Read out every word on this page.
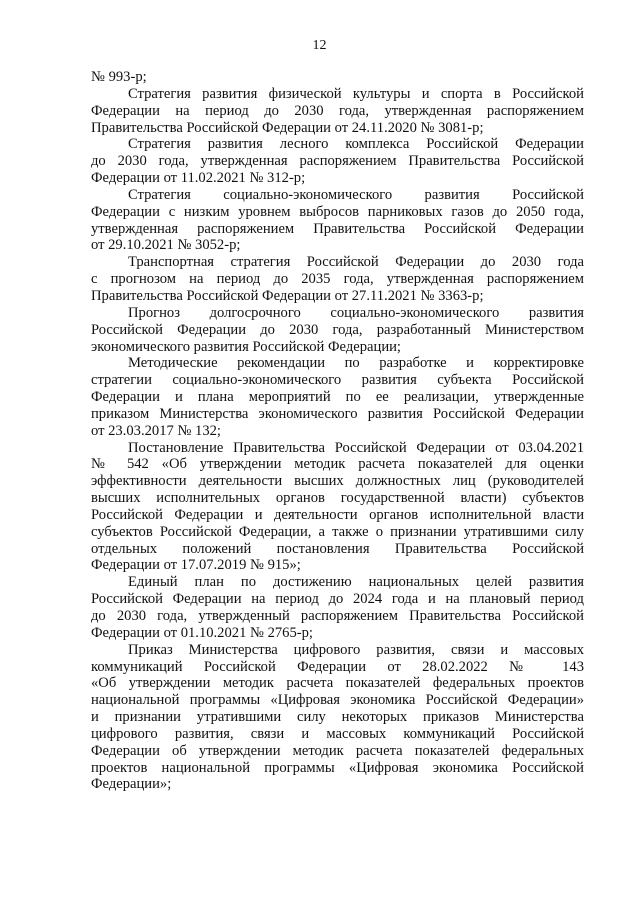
12
№ 993-р;
Стратегия развития физической культуры и спорта в Российской
Федерации на период до 2030 года, утвержденная распоряжением
Правительства Российской Федерации от 24.11.2020 № 3081-р;
Стратегия развития лесного комплекса Российской Федерации
до 2030 года, утвержденная распоряжением Правительства Российской
Федерации от 11.02.2021 № 312-р;
Стратегия социально-экономического развития Российской
Федерации с низким уровнем выбросов парниковых газов до 2050 года,
утвержденная распоряжением Правительства Российской Федерации
от 29.10.2021 № 3052-р;
Транспортная стратегия Российской Федерации до 2030 года
с прогнозом на период до 2035 года, утвержденная распоряжением
Правительства Российской Федерации от 27.11.2021 № 3363-р;
Прогноз долгосрочного социально-экономического развития
Российской Федерации до 2030 года, разработанный Министерством
экономического развития Российской Федерации;
Методические рекомендации по разработке и корректировке
стратегии социально-экономического развития субъекта Российской
Федерации и плана мероприятий по ее реализации, утвержденные
приказом Министерства экономического развития Российской Федерации
от 23.03.2017 № 132;
Постановление Правительства Российской Федерации от 03.04.2021
№ 542 «Об утверждении методик расчета показателей для оценки
эффективности деятельности высших должностных лиц (руководителей
высших исполнительных органов государственной власти) субъектов
Российской Федерации и деятельности органов исполнительной власти
субъектов Российской Федерации, а также о признании утратившими силу
отдельных положений постановления Правительства Российской
Федерации от 17.07.2019 № 915»;
Единый план по достижению национальных целей развития
Российской Федерации на период до 2024 года и на плановый период
до 2030 года, утвержденный распоряжением Правительства Российской
Федерации от 01.10.2021 № 2765-р;
Приказ Министерства цифрового развития, связи и массовых
коммуникаций Российской Федерации от 28.02.2022 № 143
«Об утверждении методик расчета показателей федеральных проектов
национальной программы «Цифровая экономика Российской Федерации»
и признании утратившими силу некоторых приказов Министерства
цифрового развития, связи и массовых коммуникаций Российской
Федерации об утверждении методик расчета показателей федеральных
проектов национальной программы «Цифровая экономика Российской
Федерации»;
